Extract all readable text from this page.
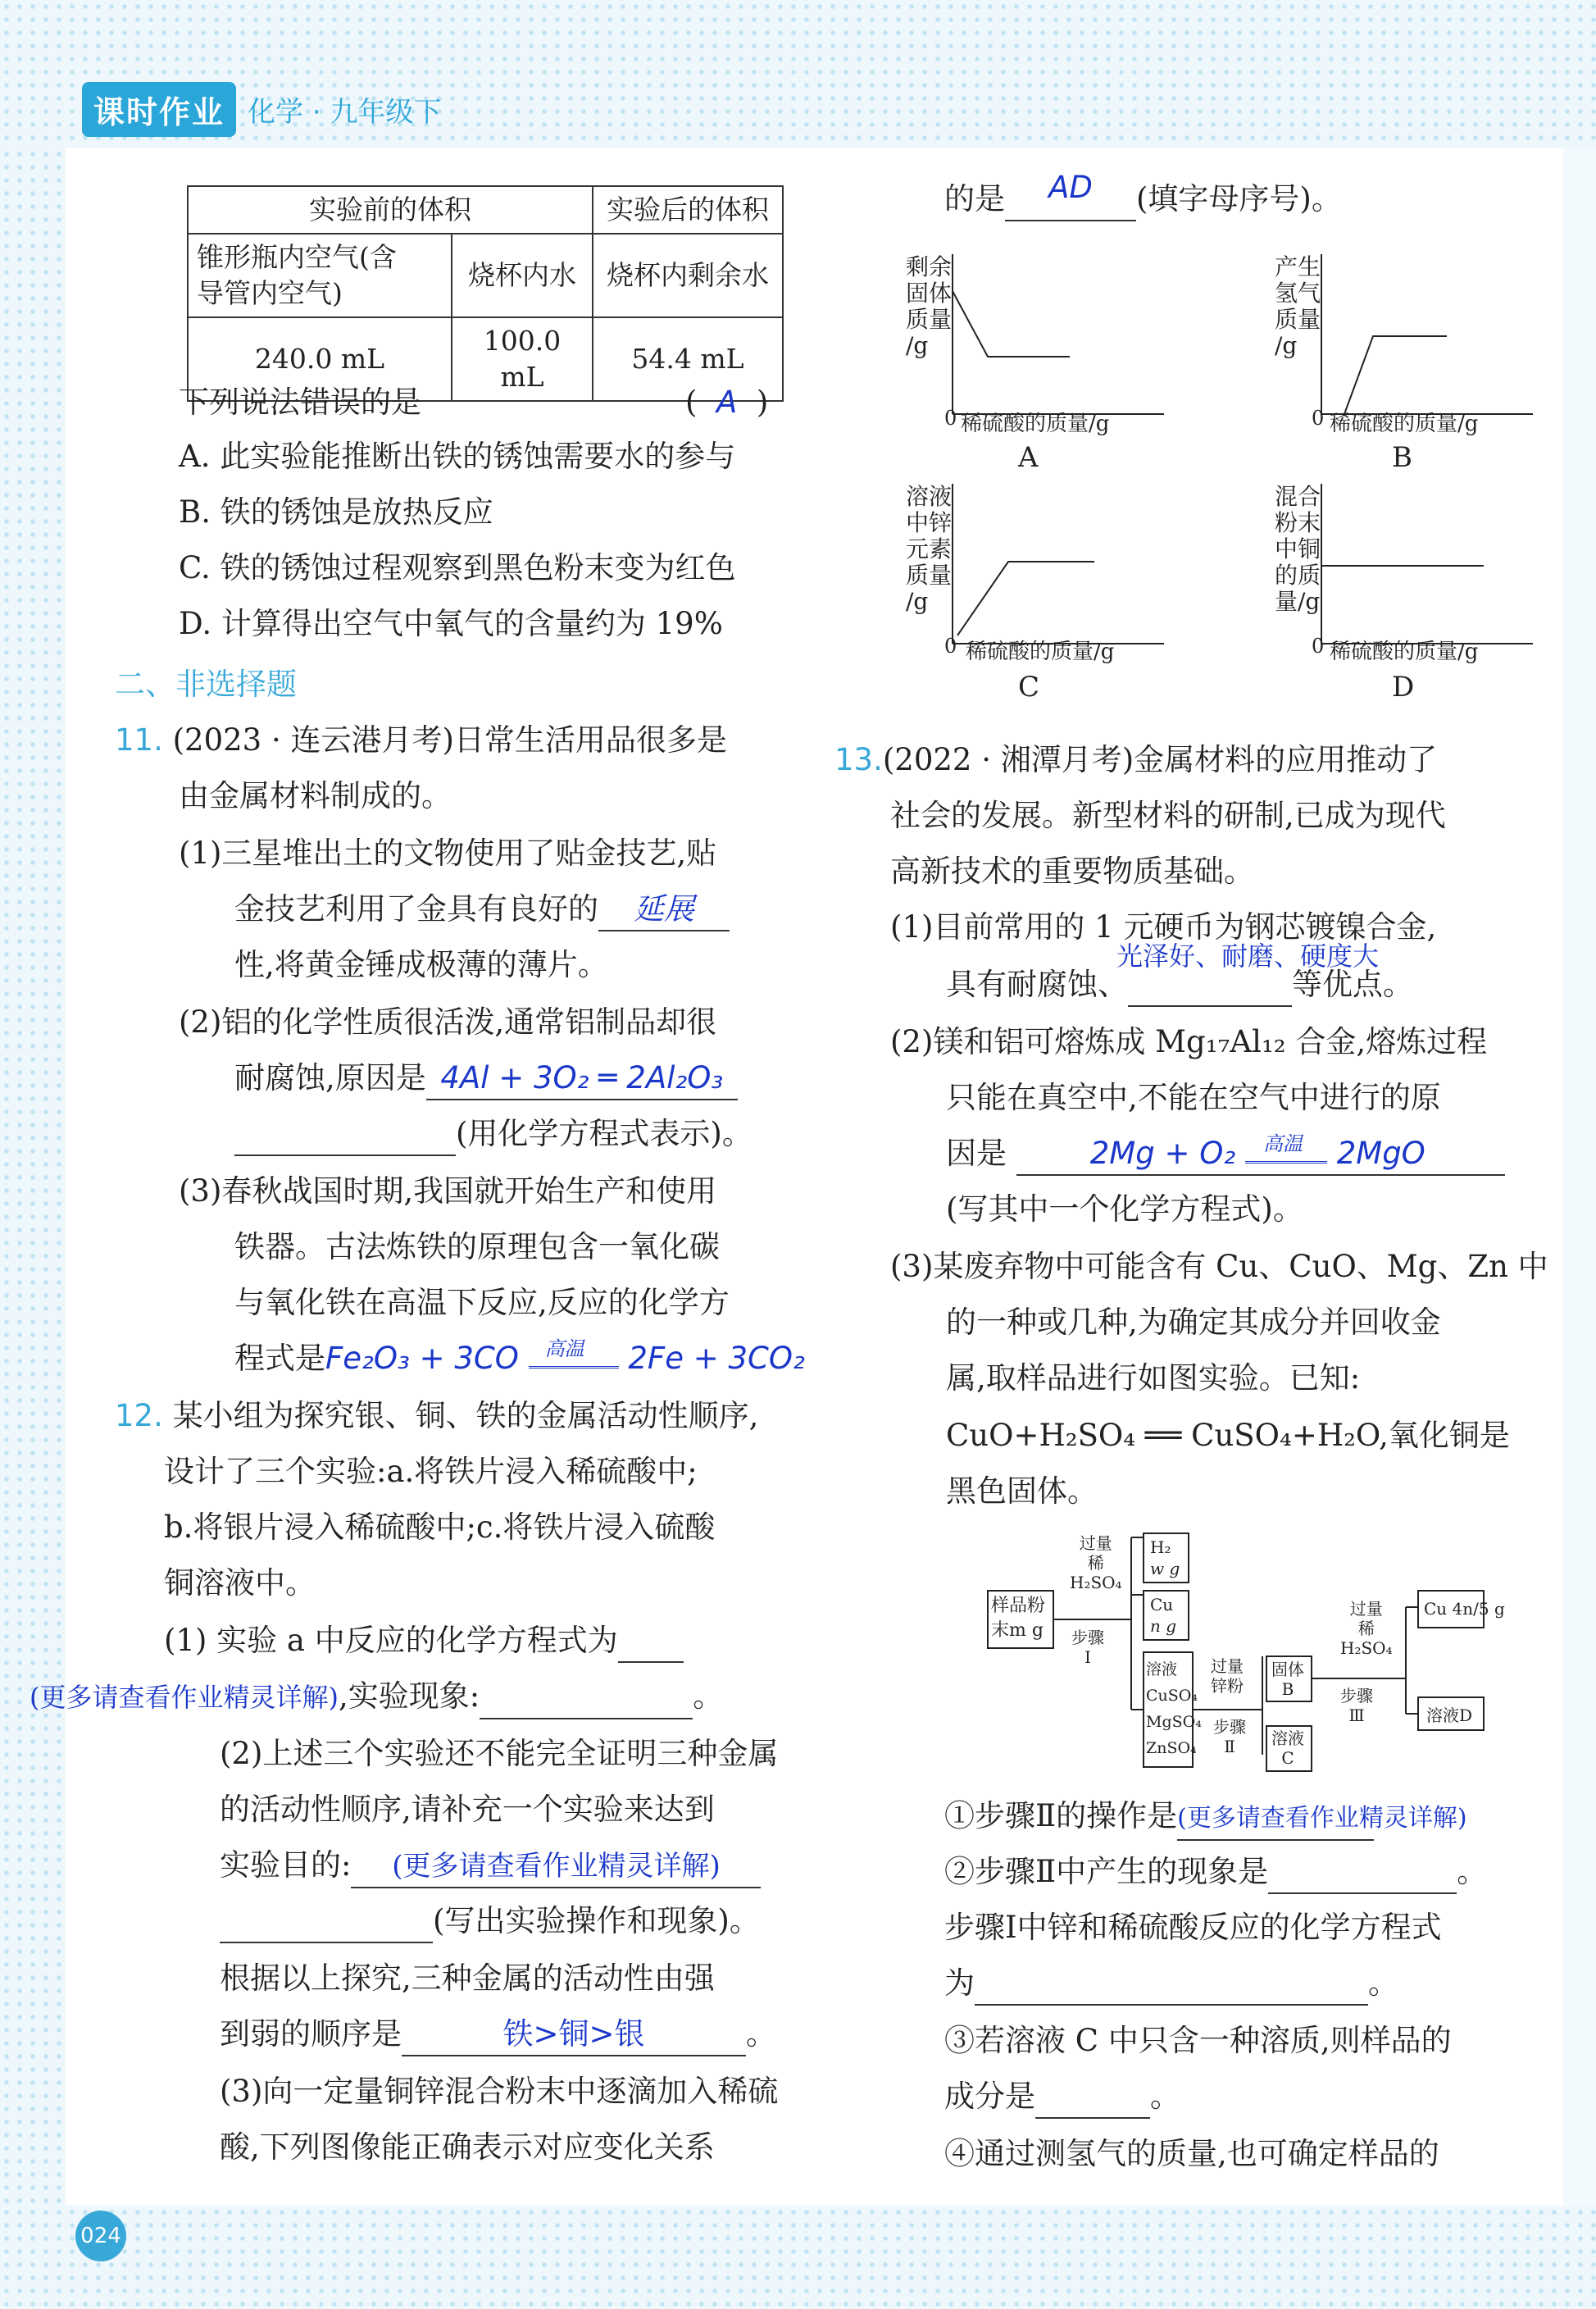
课时作业 化学 · 九年级下
实验前的体积		实验后的体积
锥形瓶内空气(含
导管内空气)	烧杯内水	烧杯内剩余水
240.0 mL	100.0 mL	54.4 mL
下列说法错误的是	( A )
A. 此实验能推断出铁的锈蚀需要水的参与
B. 铁的锈蚀是放热反应
C. 铁的锈蚀过程观察到黑色粉末变为红色
D. 计算得出空气中氧气的含量约为 19%
二、非选择题
11. (2023 · 连云港月考)日常生活用品很多是
由金属材料制成的。
(1)三星堆出土的文物使用了贴金技艺,贴
金技艺利用了金具有良好的 延展
性,将黄金锤成极薄的薄片。
(2)铝的化学性质很活泼,通常铝制品却很
耐腐蚀,原因是 4Al + 3O₂ ═ 2Al₂O₃
(用化学方程式表示)。
(3)春秋战国时期,我国就开始生产和使用
铁器。古法炼铁的原理包含一氧化碳
与氧化铁在高温下反应,反应的化学方
程式是Fe₂O₃ + 3CO 高温 2Fe + 3CO₂
12. 某小组为探究银、铜、铁的金属活动性顺序,
设计了三个实验:a.将铁片浸入稀硫酸中;
b.将银片浸入稀硫酸中;c.将铁片浸入硫酸
铜溶液中。
(1) 实验 a 中反应的化学方程式为
(更多请查看作业精灵详解),实验现象:	。
(2)上述三个实验还不能完全证明三种金属
的活动性顺序,请补充一个实验来达到
实验目的: (更多请查看作业精灵详解)
(写出实验操作和现象)。
根据以上探究,三种金属的活动性由强
到弱的顺序是	铁>铜>银	。
(3)向一定量铜锌混合粉末中逐滴加入稀硫
酸,下列图像能正确表示对应变化关系
的是 AD (填字母序号)。
剩余
固体
质量
/g
0 稀硫酸的质量/g
A
产生
氢气
质量
/g
0 稀硫酸的质量/g
B
溶液
中锌
元素
质量
/g
0 稀硫酸的质量/g
C
混合
粉末
中铜
的质
量/g
0 稀硫酸的质量/g
D
13.(2022 · 湘潭月考)金属材料的应用推动了
社会的发展。新型材料的研制,已成为现代
高新技术的重要物质基础。
(1)目前常用的 1 元硬币为钢芯镀镍合金,
光泽好、耐磨、硬度大
具有耐腐蚀、	等优点。
(2)镁和铝可熔炼成 Mg₁₇Al₁₂ 合金,熔炼过程
只能在真空中,不能在空气中进行的原
因是	2Mg + O₂ 高温 2MgO
(写其中一个化学方程式)。
(3)某废弃物中可能含有 Cu、CuO、Mg、Zn 中
的一种或几种,为确定其成分并回收金
属,取样品进行如图实验。已知:
CuO+H₂SO₄ ══ CuSO₄+H₂O,氧化铜是
黑色固体。
样品粉
末m g
过量
稀
H₂SO₄
步骤
Ⅰ
H₂
w g
Cu
n g
溶液
CuSO₄
MgSO₄
ZnSO₄
过量
锌粉
步骤
Ⅱ
固体
B
溶液
C
过量
稀
H₂SO₄
步骤
Ⅲ
Cu 4n/5 g
溶液D
①步骤Ⅱ的操作是(更多请查看作业精灵详解)
②步骤Ⅱ中产生的现象是	。
步骤Ⅰ中锌和稀硫酸反应的化学方程式
为	。
③若溶液 C 中只含一种溶质,则样品的
成分是	。
④通过测氢气的质量,也可确定样品的
024
